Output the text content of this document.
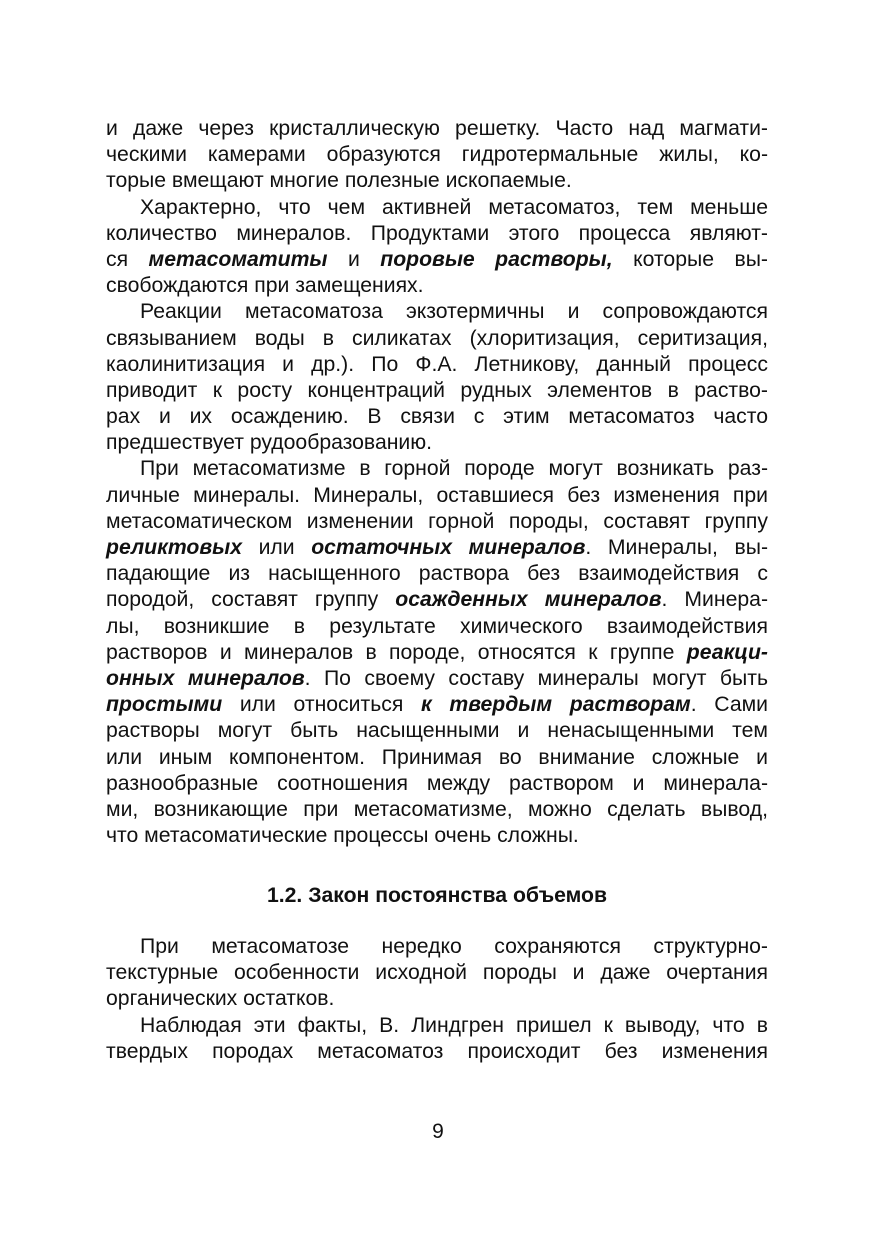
и даже через кристаллическую решетку. Часто над магмати-
ческими камерами образуются гидротермальные жилы, ко-
торые вмещают многие полезные ископаемые.
Характерно, что чем активней метасоматоз, тем меньше
количество минералов. Продуктами этого процесса являют-
ся метасоматиты и поровые растворы, которые вы-
свобождаются при замещениях.
Реакции метасоматоза экзотермичны и сопровождаются
связыванием воды в силикатах (хлоритизация, серитизация,
каолинитизация и др.). По Ф.А. Летникову, данный процесс
приводит к росту концентраций рудных элементов в раство-
рах и их осаждению. В связи с этим метасоматоз часто
предшествует рудообразованию.
При метасоматизме в горной породе могут возникать раз-
личные минералы. Минералы, оставшиеся без изменения при
метасоматическом изменении горной породы, составят группу
реликтовых или остаточных минералов. Минералы, вы-
падающие из насыщенного раствора без взаимодействия с
породой, составят группу осажденных минералов. Минера-
лы, возникшие в результате химического взаимодействия
растворов и минералов в породе, относятся к группе реакци-
онных минералов. По своему составу минералы могут быть
простыми или относиться к твердым растворам. Сами
растворы могут быть насыщенными и ненасыщенными тем
или иным компонентом. Принимая во внимание сложные и
разнообразные соотношения между раствором и минерала-
ми, возникающие при метасоматизме, можно сделать вывод,
что метасоматические процессы очень сложны.
1.2. Закон постоянства объемов
При метасоматозе нередко сохраняются структурно-
текстурные особенности исходной породы и даже очертания
органических остатков.
Наблюдая эти факты, В. Линдгрен пришел к выводу, что в
твердых породах метасоматоз происходит без изменения
9
